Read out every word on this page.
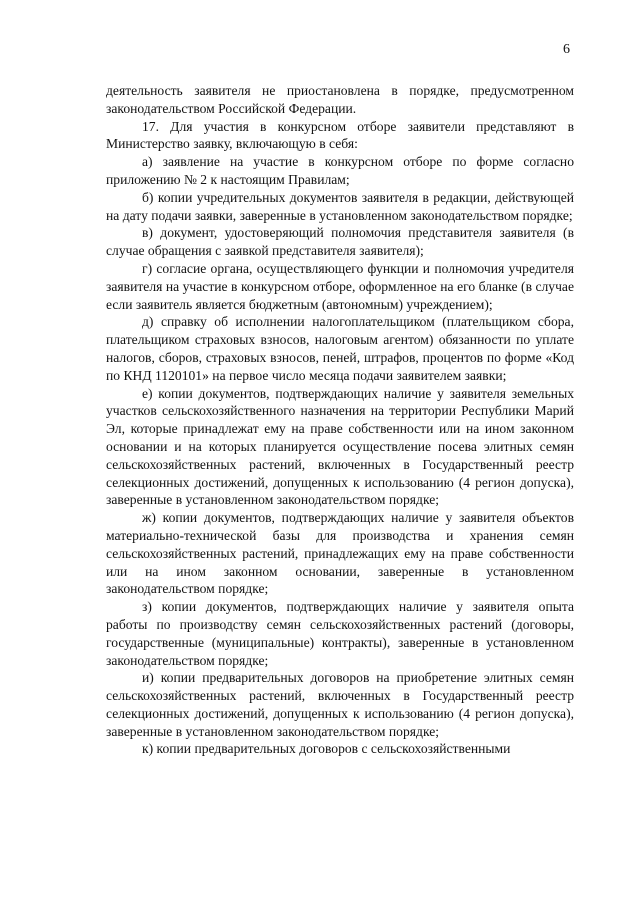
6

деятельность заявителя не приостановлена в порядке, предусмотренном законодательством Российской Федерации.

17. Для участия в конкурсном отборе заявители представляют в Министерство заявку, включающую в себя:

а) заявление на участие в конкурсном отборе по форме согласно приложению № 2 к настоящим Правилам;

б) копии учредительных документов заявителя в редакции, действующей на дату подачи заявки, заверенные в установленном законодательством порядке;

в) документ, удостоверяющий полномочия представителя заявителя (в случае обращения с заявкой представителя заявителя);

г) согласие органа, осуществляющего функции и полномочия учредителя заявителя на участие в конкурсном отборе, оформленное на его бланке (в случае если заявитель является бюджетным (автономным) учреждением);

д) справку об исполнении налогоплательщиком (плательщиком сбора, плательщиком страховых взносов, налоговым агентом) обязанности по уплате налогов, сборов, страховых взносов, пеней, штрафов, процентов по форме «Код по КНД 1120101» на первое число месяца подачи заявителем заявки;

е) копии документов, подтверждающих наличие у заявителя земельных участков сельскохозяйственного назначения на территории Республики Марий Эл, которые принадлежат ему на праве собственности или на ином законном основании и на которых планируется осуществление посева элитных семян сельскохозяйственных растений, включенных в Государственный реестр селекционных достижений, допущенных к использованию (4 регион допуска), заверенные в установленном законодательством порядке;

ж) копии документов, подтверждающих наличие у заявителя объектов материально-технической базы для производства и хранения семян сельскохозяйственных растений, принадлежащих ему на праве собственности или на ином законном основании, заверенные в установленном законодательством порядке;

з) копии документов, подтверждающих наличие у заявителя опыта работы по производству семян сельскохозяйственных растений (договоры, государственные (муниципальные) контракты), заверенные в установленном законодательством порядке;

и) копии предварительных договоров на приобретение элитных семян сельскохозяйственных растений, включенных в Государственный реестр селекционных достижений, допущенных к использованию (4 регион допуска), заверенные в установленном законодательством порядке;

к) копии предварительных договоров с сельскохозяйственными
